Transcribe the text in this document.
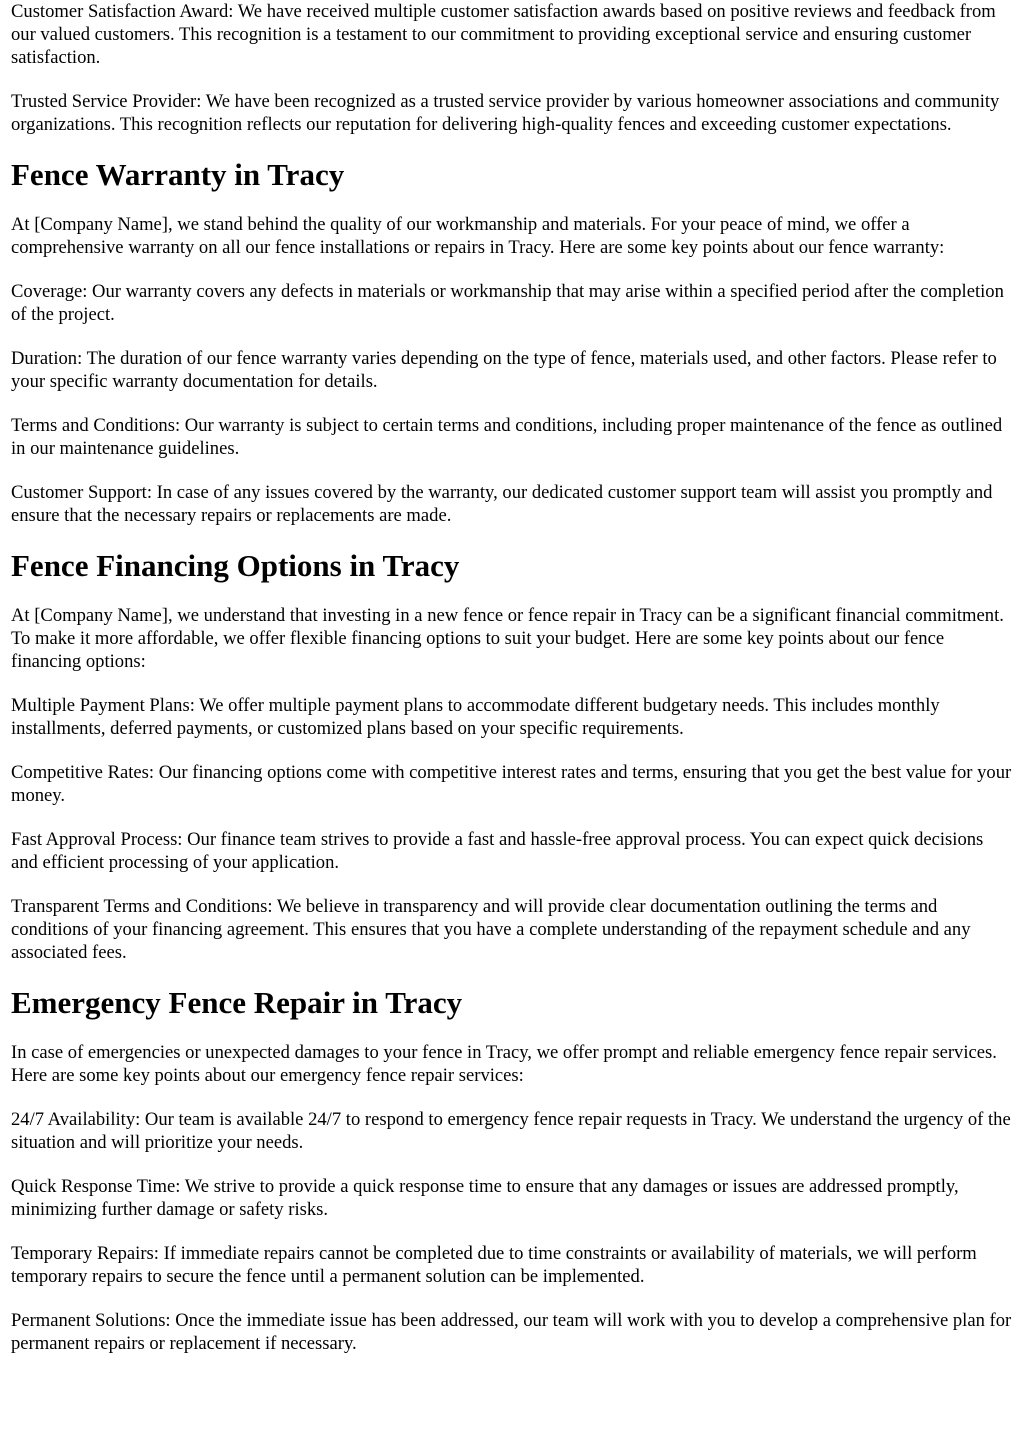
Customer Satisfaction Award: We have received multiple customer satisfaction awards based on positive reviews and feedback from our valued customers. This recognition is a testament to our commitment to providing exceptional service and ensuring customer satisfaction.

Trusted Service Provider: We have been recognized as a trusted service provider by various homeowner associations and community organizations. This recognition reflects our reputation for delivering high-quality fences and exceeding customer expectations.

Fence Warranty in Tracy

At [Company Name], we stand behind the quality of our workmanship and materials. For your peace of mind, we offer a comprehensive warranty on all our fence installations or repairs in Tracy. Here are some key points about our fence warranty:

Coverage: Our warranty covers any defects in materials or workmanship that may arise within a specified period after the completion of the project.

Duration: The duration of our fence warranty varies depending on the type of fence, materials used, and other factors. Please refer to your specific warranty documentation for details.

Terms and Conditions: Our warranty is subject to certain terms and conditions, including proper maintenance of the fence as outlined in our maintenance guidelines.

Customer Support: In case of any issues covered by the warranty, our dedicated customer support team will assist you promptly and ensure that the necessary repairs or replacements are made.

Fence Financing Options in Tracy

At [Company Name], we understand that investing in a new fence or fence repair in Tracy can be a significant financial commitment. To make it more affordable, we offer flexible financing options to suit your budget. Here are some key points about our fence financing options:

Multiple Payment Plans: We offer multiple payment plans to accommodate different budgetary needs. This includes monthly installments, deferred payments, or customized plans based on your specific requirements.

Competitive Rates: Our financing options come with competitive interest rates and terms, ensuring that you get the best value for your money.

Fast Approval Process: Our finance team strives to provide a fast and hassle-free approval process. You can expect quick decisions and efficient processing of your application.

Transparent Terms and Conditions: We believe in transparency and will provide clear documentation outlining the terms and conditions of your financing agreement. This ensures that you have a complete understanding of the repayment schedule and any associated fees.

Emergency Fence Repair in Tracy

In case of emergencies or unexpected damages to your fence in Tracy, we offer prompt and reliable emergency fence repair services. Here are some key points about our emergency fence repair services:

24/7 Availability: Our team is available 24/7 to respond to emergency fence repair requests in Tracy. We understand the urgency of the situation and will prioritize your needs.

Quick Response Time: We strive to provide a quick response time to ensure that any damages or issues are addressed promptly, minimizing further damage or safety risks.

Temporary Repairs: If immediate repairs cannot be completed due to time constraints or availability of materials, we will perform temporary repairs to secure the fence until a permanent solution can be implemented.

Permanent Solutions: Once the immediate issue has been addressed, our team will work with you to develop a comprehensive plan for permanent repairs or replacement if necessary.
